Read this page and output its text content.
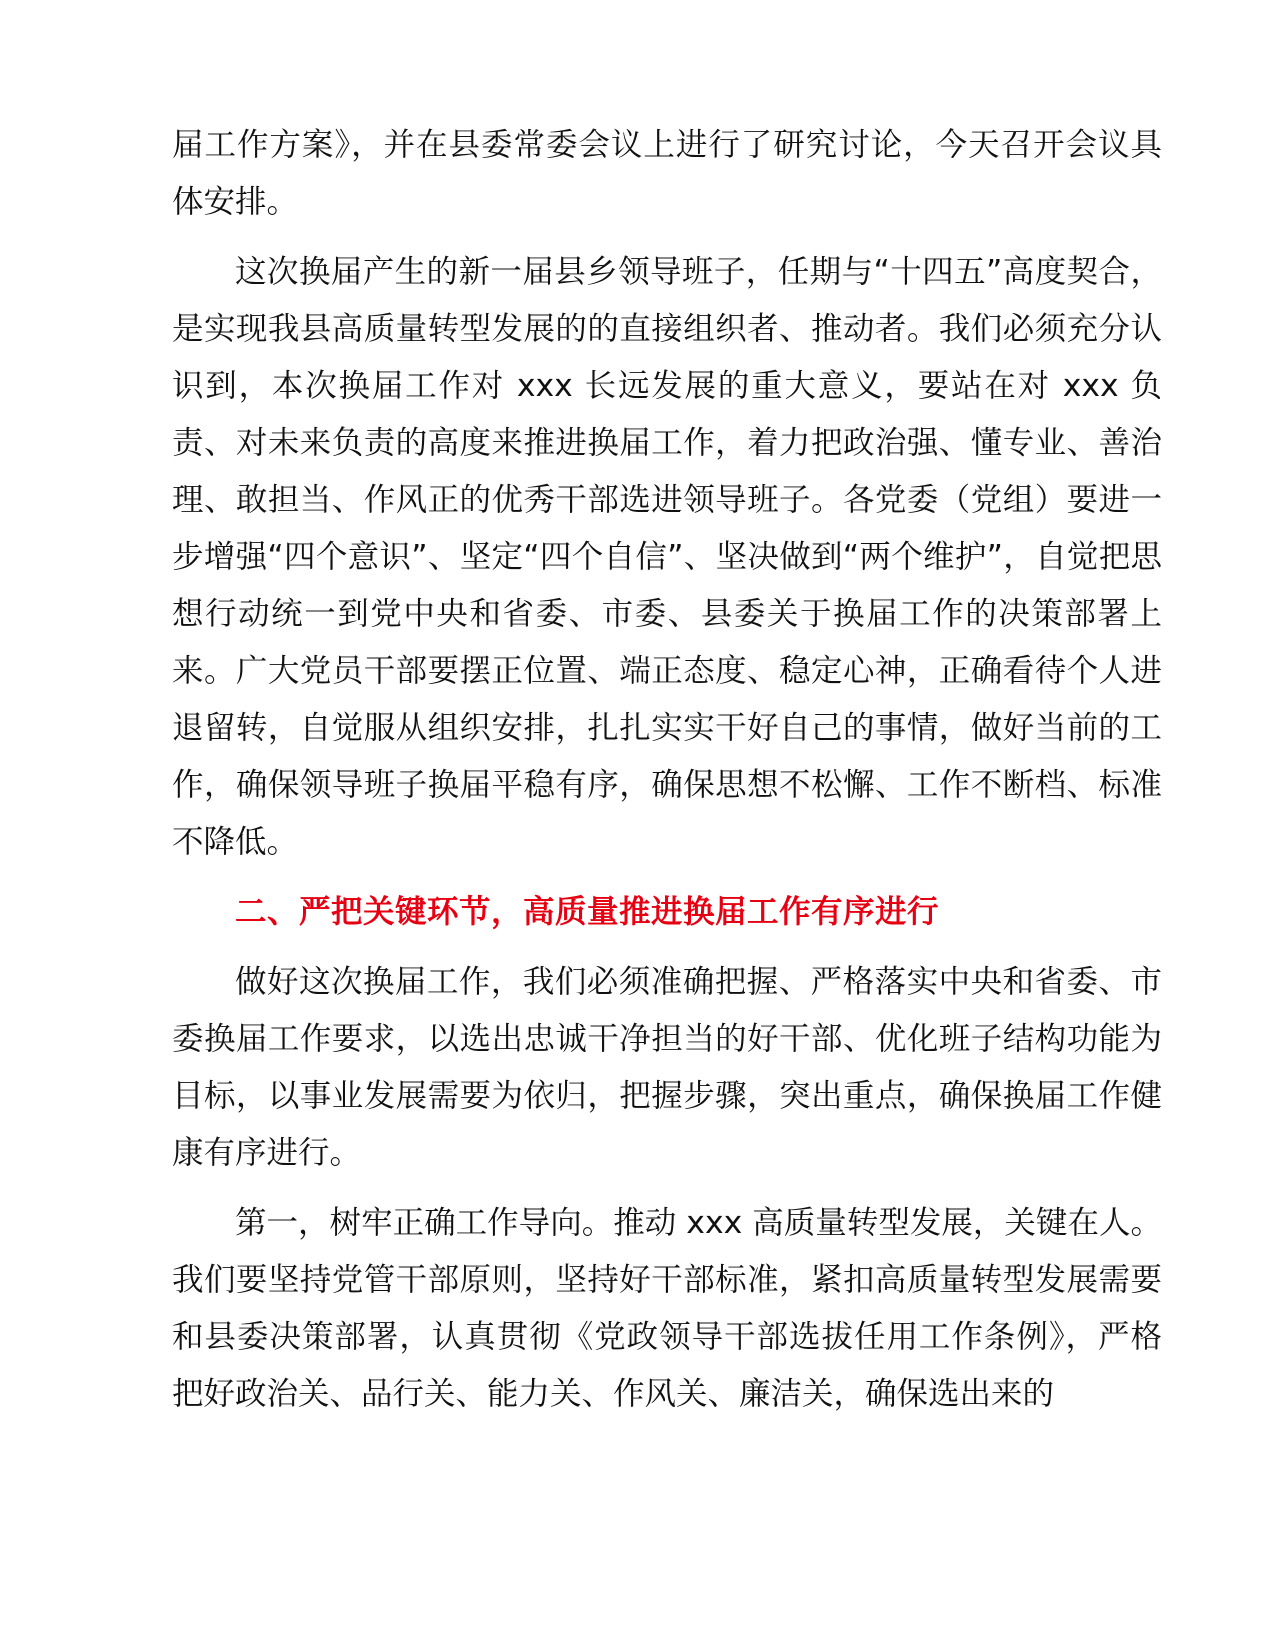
届工作方案》，并在县委常委会议上进行了研究讨论，今天召开会议具体安排。

这次换届产生的新一届县乡领导班子，任期与“十四五”高度契合，是实现我县高质量转型发展的的直接组织者、推动者。我们必须充分认识到，本次换届工作对 xxx 长远发展的重大意义，要站在对 xxx 负责、对未来负责的高度来推进换届工作，着力把政治强、懂专业、善治理、敢担当、作风正的优秀干部选进领导班子。各党委（党组）要进一步增强“四个意识”、坚定“四个自信”、坚决做到“两个维护”，自觉把思想行动统一到党中央和省委、市委、县委关于换届工作的决策部署上来。广大党员干部要摆正位置、端正态度、稳定心神，正确看待个人进退留转，自觉服从组织安排，扎扎实实干好自己的事情，做好当前的工作，确保领导班子换届平稳有序，确保思想不松懈、工作不断档、标准不降低。

二、严把关键环节，高质量推进换届工作有序进行

做好这次换届工作，我们必须准确把握、严格落实中央和省委、市委换届工作要求，以选出忠诚干净担当的好干部、优化班子结构功能为目标，以事业发展需要为依归，把握步骤，突出重点，确保换届工作健康有序进行。

第一，树牢正确工作导向。推动 xxx 高质量转型发展，关键在人。我们要坚持党管干部原则，坚持好干部标准，紧扣高质量转型发展需要和县委决策部署，认真贯彻《党政领导干部选拔任用工作条例》，严格把好政治关、品行关、能力关、作风关、廉洁关，确保选出来的
